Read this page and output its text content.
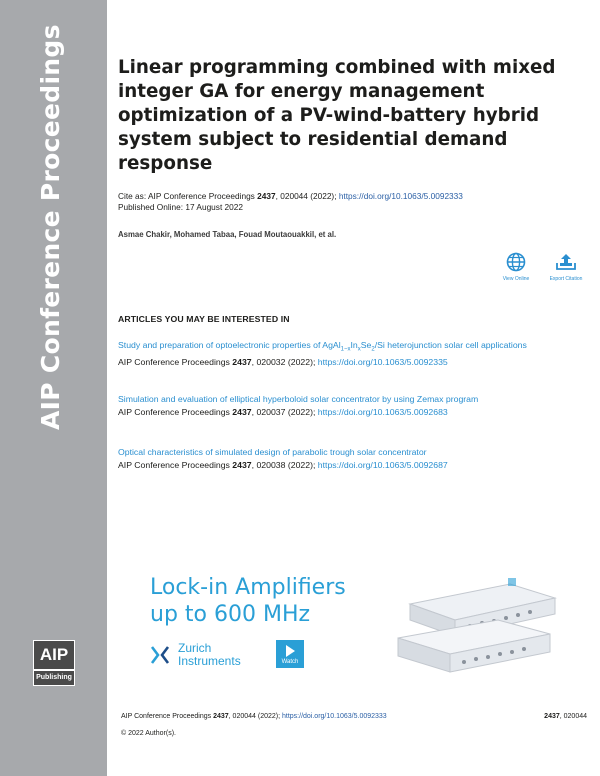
AIP Conference Proceedings
AIP
Publishing
Linear programming combined with mixed integer GA for energy management optimization of a PV-wind-battery hybrid system subject to residential demand response
Cite as: AIP Conference Proceedings 2437, 020044 (2022); https://doi.org/10.1063/5.0092333
Published Online: 17 August 2022
Asmae Chakir, Mohamed Tabaa, Fouad Moutaouakkil, et al.
View Online	Export Citation
ARTICLES YOU MAY BE INTERESTED IN
Study and preparation of optoelectronic properties of $AgAl_{1-x}In_xSe_2/Si$ heterojunction solar cell applications
AIP Conference Proceedings 2437, 020032 (2022); https://doi.org/10.1063/5.0092335
Simulation and evaluation of elliptical hyperboloid solar concentrator by using Zemax program
AIP Conference Proceedings 2437, 020037 (2022); https://doi.org/10.1063/5.0092683
Optical characteristics of simulated design of parabolic trough solar concentrator
AIP Conference Proceedings 2437, 020038 (2022); https://doi.org/10.1063/5.0092687
Lock-in Amplifiers
up to 600 MHz
Zurich
Instruments	Watch
AIP Conference Proceedings 2437, 020044 (2022); https://doi.org/10.1063/5.0092333	2437, 020044
© 2022 Author(s).
